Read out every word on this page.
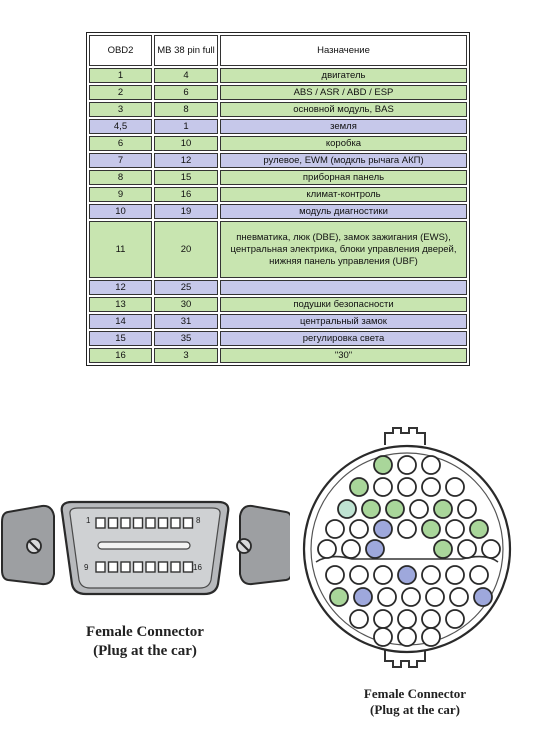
OBD2	MB 38 pin full	Назначение
1	4	двигатель
2	6	ABS / ASR / ABD / ESP
3	8	основной модуль, BAS
4,5	1	земля
6	10	коробка
7	12	рулевое, EWM (модкль рычага АКП)
8	15	приборная панель
9	16	климат-контроль
10	19	модуль диагностики
11	20	пневматика, люк (DBE), замок зажигания (EWS), центральная электрика, блоки управления дверей, нижняя панель управления (UBF)
12	25	
13	30	подушки безопасности
14	31	центральный замок
15	35	регулировка света
16	3	"30"
1	8
9	16
Female Connector
(Plug at the car)
Female Connector
(Plug at the car)
